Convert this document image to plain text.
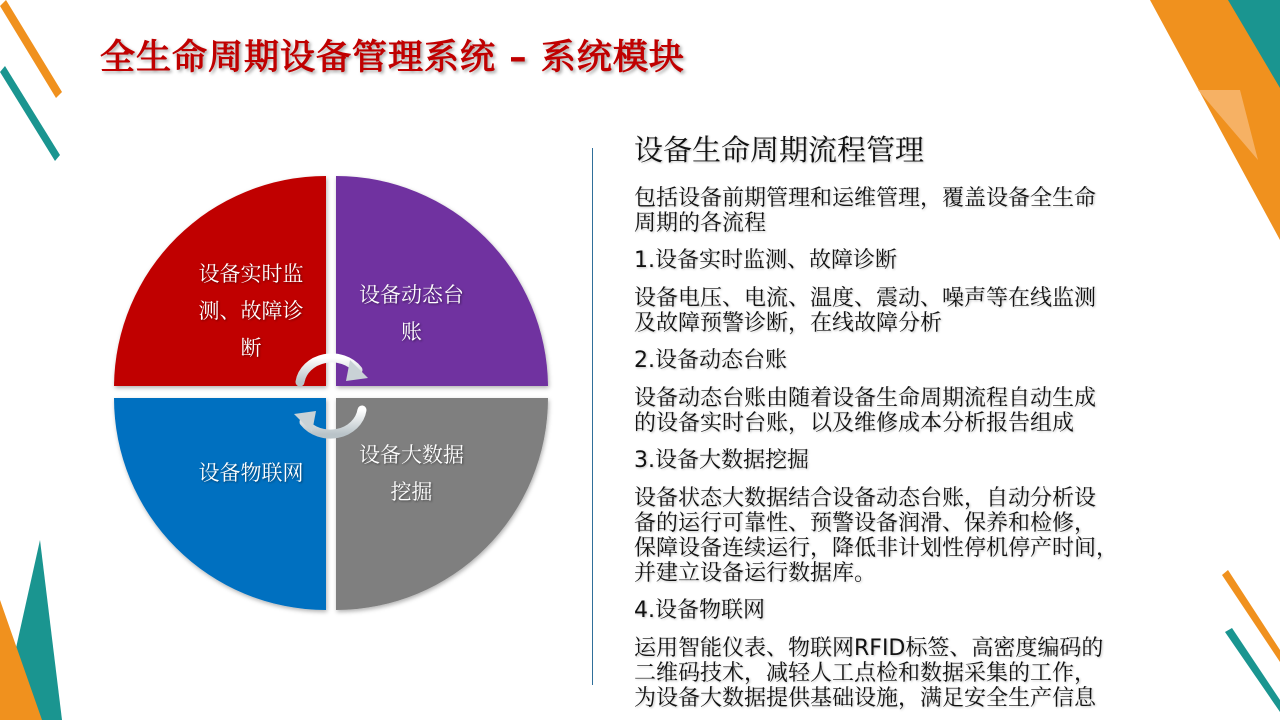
全生命周期设备管理系统 – 系统模块
设备实时监
测、故障诊
断
设备动态台
账
设备物联网
设备大数据
挖掘
设备生命周期流程管理
包括设备前期管理和运维管理，覆盖设备全生命
周期的各流程
1.设备实时监测、故障诊断
设备电压、电流、温度、震动、噪声等在线监测
及故障预警诊断，在线故障分析
2.设备动态台账
设备动态台账由随着设备生命周期流程自动生成
的设备实时台账，以及维修成本分析报告组成
3.设备大数据挖掘
设备状态大数据结合设备动态台账，自动分析设
备的运行可靠性、预警设备润滑、保养和检修，
保障设备连续运行，降低非计划性停机停产时间，
并建立设备运行数据库。
4.设备物联网
运用智能仪表、物联网RFID标签、高密度编码的
二维码技术，减轻人工点检和数据采集的工作，
为设备大数据提供基础设施，满足安全生产信息
